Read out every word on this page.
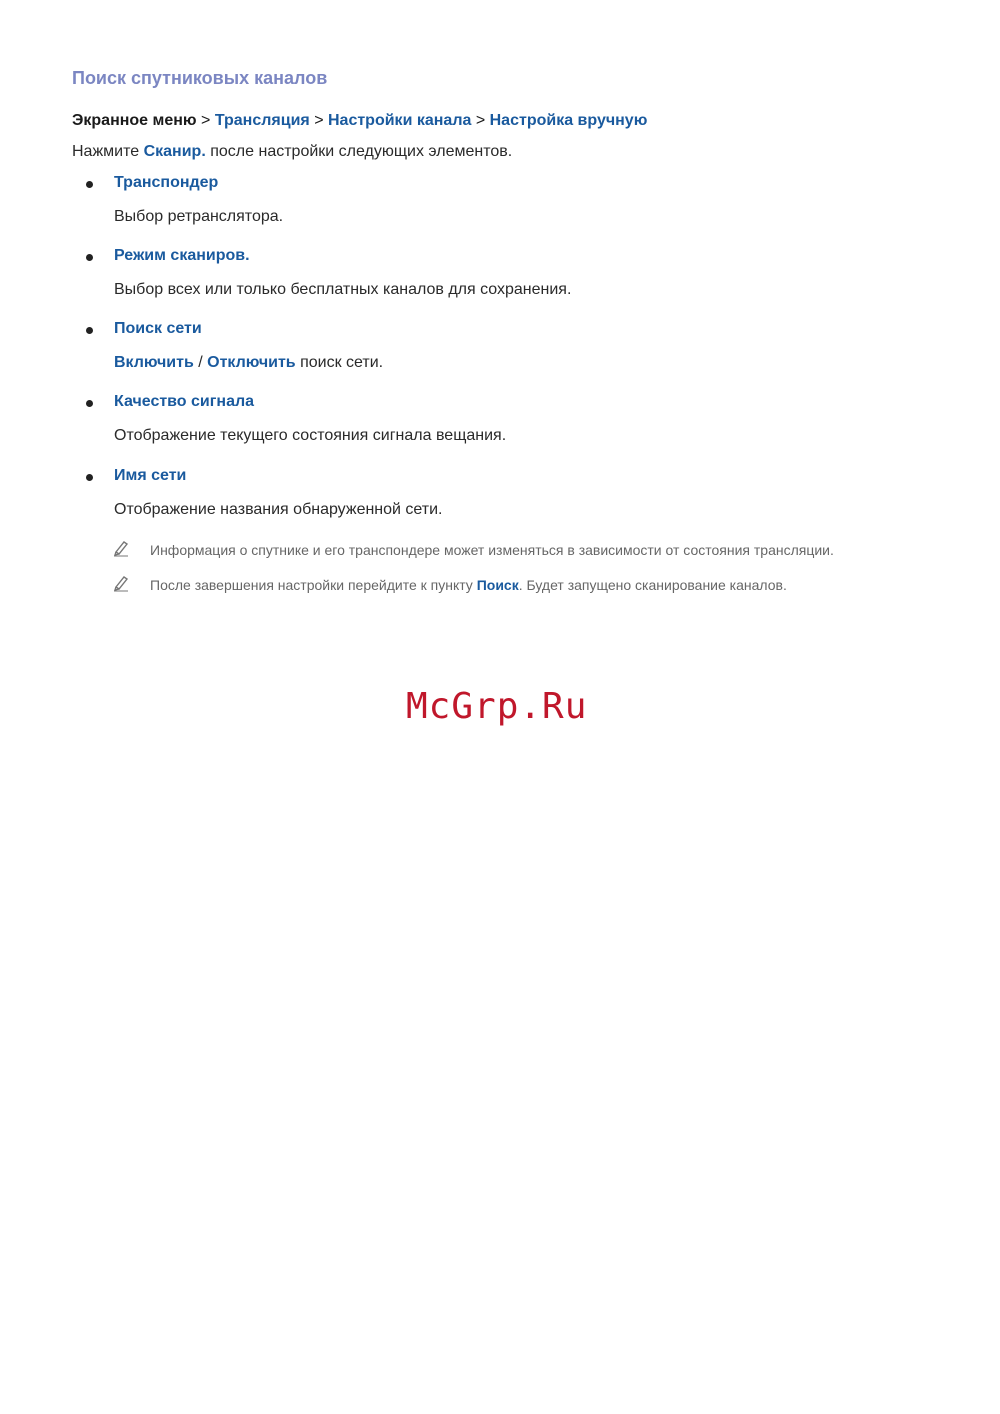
Поиск спутниковых каналов
Экранное меню > Трансляция > Настройки канала > Настройка вручную
Нажмите Сканир. после настройки следующих элементов.
Транспондер
Выбор ретранслятора.
Режим сканиров.
Выбор всех или только бесплатных каналов для сохранения.
Поиск сети
Включить / Отключить поиск сети.
Качество сигнала
Отображение текущего состояния сигнала вещания.
Имя сети
Отображение названия обнаруженной сети.
Информация о спутнике и его транспондере может изменяться в зависимости от состояния трансляции.
После завершения настройки перейдите к пункту Поиск. Будет запущено сканирование каналов.
McGrp.Ru
